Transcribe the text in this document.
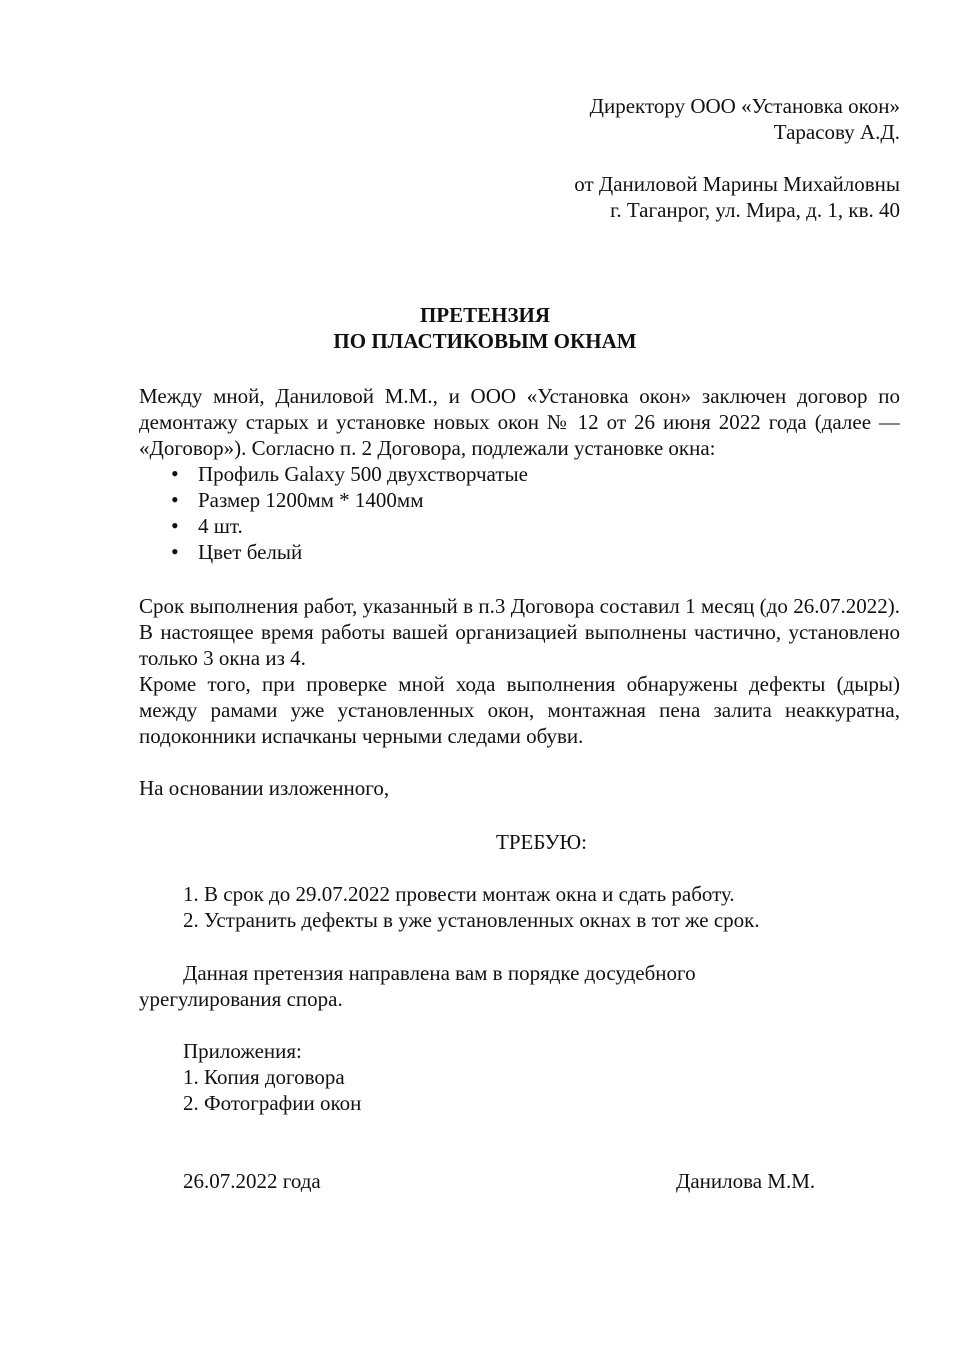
Директору ООО «Установка окон»

Тарасову А.Д.

от Даниловой Марины Михайловны

г. Таганрог, ул. Мира, д. 1, кв. 40

ПРЕТЕНЗИЯ

ПО ПЛАСТИКОВЫМ ОКНАМ

Между мной, Даниловой М.М., и ООО «Установка окон» заключен договор по демонтажу старых и установке новых окон № 12 от 26 июня 2022 года (далее — «Договор»). Согласно п. 2 Договора, подлежали установке окна:

• Профиль Galaxy 500 двухстворчатые
• Размер 1200мм * 1400мм
• 4 шт.
• Цвет белый

Срок выполнения работ, указанный в п.3 Договора составил 1 месяц (до 26.07.2022). В настоящее время работы вашей организацией выполнены частично, установлено только 3 окна из 4.

Кроме того, при проверке мной хода выполнения обнаружены дефекты (дыры) между рамами уже установленных окон, монтажная пена залита неаккуратна, подоконники испачканы черными следами обуви.

На основании изложенного,

ТРЕБУЮ:

1. В срок до 29.07.2022 провести монтаж окна и сдать работу.

2. Устранить дефекты в уже установленных окнах в тот же срок.

Данная претензия направлена вам в порядке досудебного

урегулирования спора.

Приложения:

1. Копия договора

2. Фотографии окон

26.07.2022 года	Данилова М.М.
